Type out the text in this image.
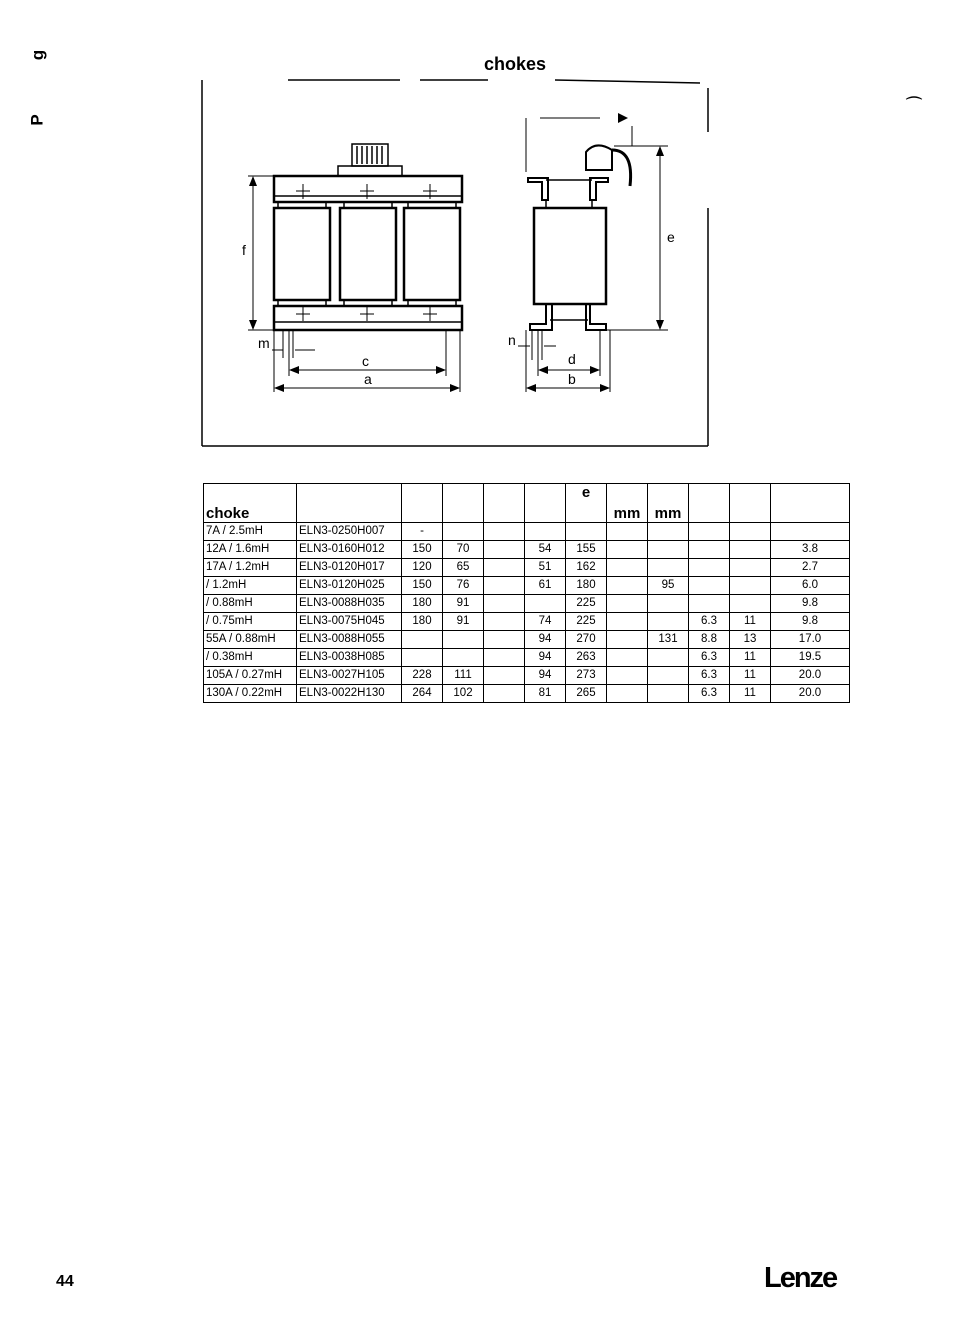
g
P
⌒
chokes
f
e
m	n
c
a
d
b
choke						e	mm	mm			
7A / 2.5mH	ELN3-0250H007	-									
12A / 1.6mH	ELN3-0160H012	150	70		54	155					3.8
17A / 1.2mH	ELN3-0120H017	120	65		51	162					2.7
/ 1.2mH	ELN3-0120H025	150	76		61	180		95			6.0
/ 0.88mH	ELN3-0088H035	180	91			225					9.8
/ 0.75mH	ELN3-0075H045	180	91		74	225			6.3	11	9.8
55A / 0.88mH	ELN3-0088H055				94	270		131	8.8	13	17.0
/ 0.38mH	ELN3-0038H085				94	263			6.3	11	19.5
105A / 0.27mH	ELN3-0027H105	228	111		94	273			6.3	11	20.0
130A / 0.22mH	ELN3-0022H130	264	102		81	265			6.3	11	20.0
44	Lenze
